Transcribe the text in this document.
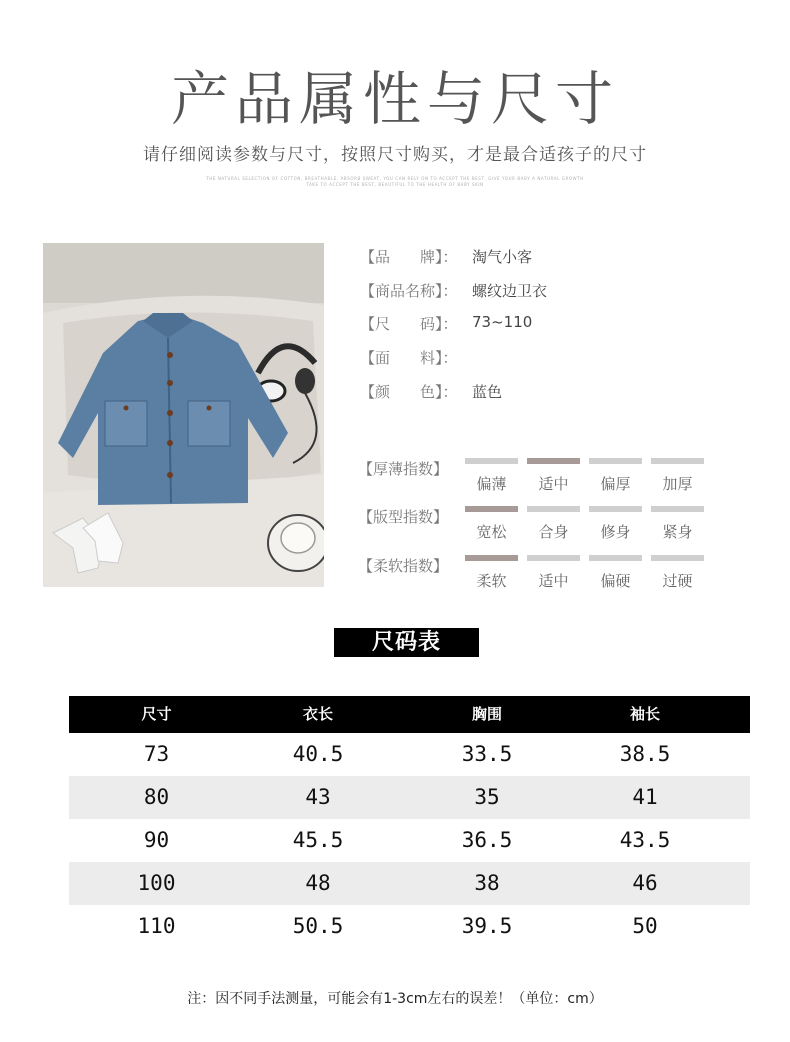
产品属性与尺寸
请仔细阅读参数与尺寸，按照尺寸购买，才是最合适孩子的尺寸
THE NATURAL SELECTION OF COTTON, BREATHABLE, ABSORB SWEAT, YOU CAN RELY ON TO ACCEPT THE BEST, GIVE YOUR BABY A NATURAL GROWTH
TAKE TO ACCEPT THE BEST, BEAUTIFUL TO THE HEALTH OF BABY SKIN
【品　　牌】： 淘气小客
【商品名称】： 螺纹边卫衣
【尺　　码】： 73~110
【面　　料】：
【颜　　色】： 蓝色
【厚薄指数】
偏薄	适中	偏厚	加厚
【版型指数】
宽松	合身	修身	紧身
【柔软指数】
柔软	适中	偏硬	过硬
尺码表
尺寸	衣长	胸围	袖长
73	40.5	33.5	38.5
80	43	35	41
90	45.5	36.5	43.5
100	48	38	46
110	50.5	39.5	50
注：因不同手法测量，可能会有1-3cm左右的误差！（单位：cm）
